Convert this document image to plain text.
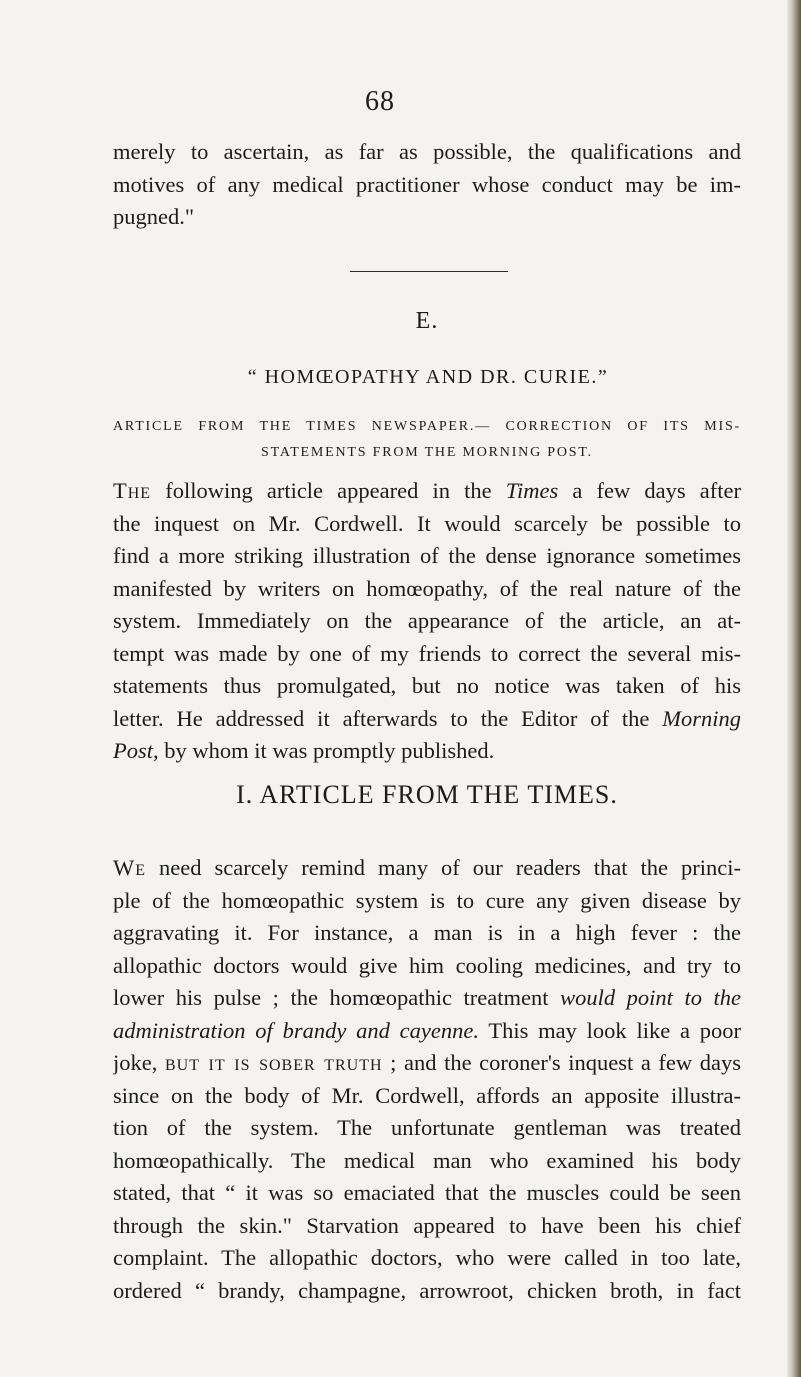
68

merely to ascertain, as far as possible, the qualifications and
motives of any medical practitioner whose conduct may be im-
pugned."

E.
“ HOMŒOPATHY AND DR. CURIE.”
ARTICLE FROM THE TIMES NEWSPAPER.— CORRECTION OF ITS MIS-
STATEMENTS FROM THE MORNING POST.

The following article appeared in the Times a few days after
the inquest on Mr. Cordwell. It would scarcely be possible to
find a more striking illustration of the dense ignorance sometimes
manifested by writers on homœopathy, of the real nature of the
system. Immediately on the appearance of the article, an at-
tempt was made by one of my friends to correct the several mis-
statements thus promulgated, but no notice was taken of his
letter. He addressed it afterwards to the Editor of the Morning
Post, by whom it was promptly published.

I. ARTICLE FROM THE TIMES.

We need scarcely remind many of our readers that the princi-
ple of the homœopathic system is to cure any given disease by
aggravating it. For instance, a man is in a high fever : the
allopathic doctors would give him cooling medicines, and try to
lower his pulse ; the homœopathic treatment would point to the
administration of brandy and cayenne. This may look like a poor
joke, but it is sober truth ; and the coroner's inquest a few days
since on the body of Mr. Cordwell, affords an apposite illustra-
tion of the system. The unfortunate gentleman was treated
homœopathically. The medical man who examined his body
stated, that “ it was so emaciated that the muscles could be seen
through the skin." Starvation appeared to have been his chief
complaint. The allopathic doctors, who were called in too late,
ordered “ brandy, champagne, arrowroot, chicken broth, in fact
